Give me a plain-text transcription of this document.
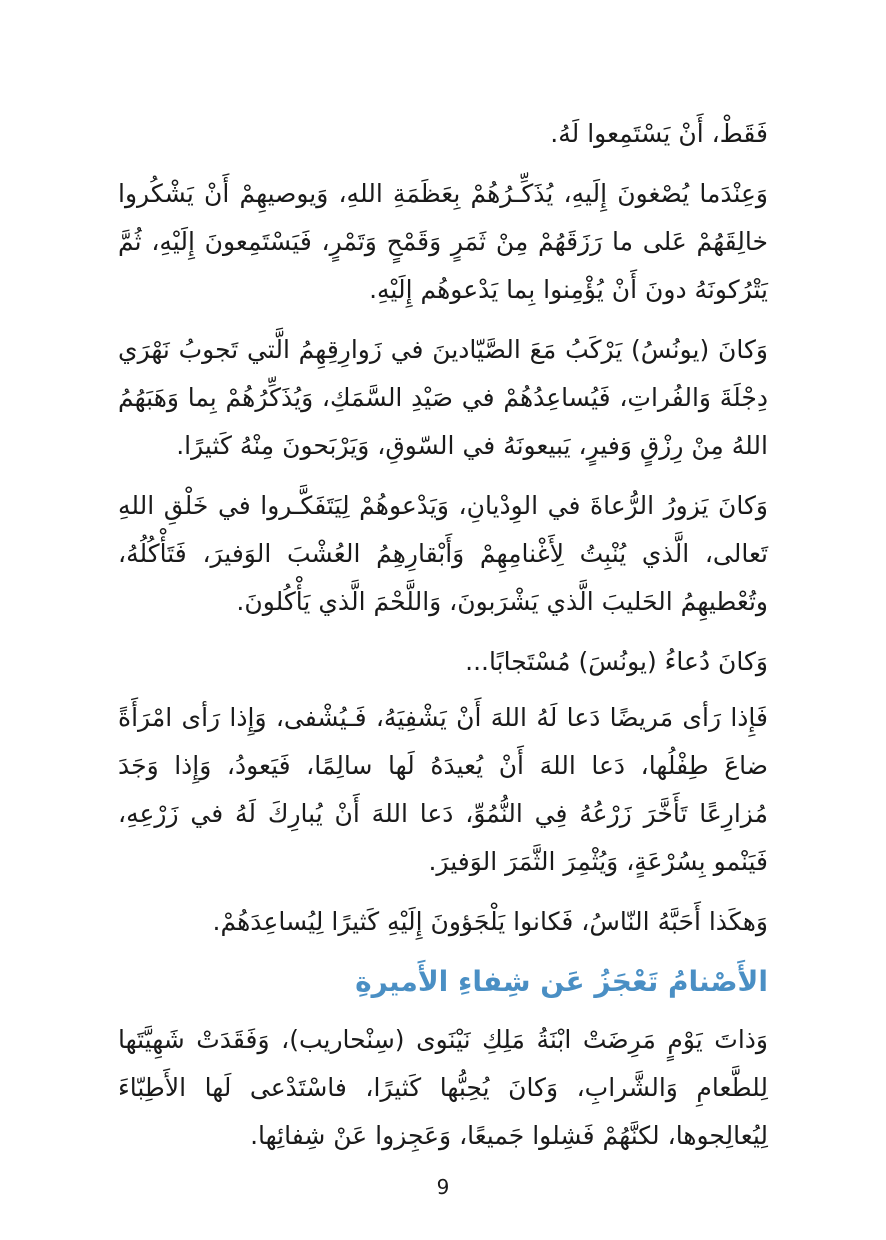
فَقَطْ، أَنْ يَسْتَمِعوا لَهُ.

وَعِنْدَما يُصْغونَ إِلَيهِ، يُذَكِّـرُهُمْ بِعَظَمَةِ اللهِ، وَيوصيهِمْ أَنْ يَشْكُروا خالِقَهُمْ عَلى ما رَزَقَهُمْ مِنْ ثَمَرٍ وَقَمْحٍ وَتَمْرٍ، فَيَسْتَمِعونَ إِلَيْهِ، ثُمَّ يَتْرُكونَهُ دونَ أَنْ يُؤْمِنوا بِما يَدْعوهُم إِلَيْهِ.

وَكانَ (يونُسُ) يَرْكَبُ مَعَ الصَّيّادينَ في زَوارِقِهِمُ الَّتي تَجوبُ نَهْرَي دِجْلَةَ وَالفُراتِ، فَيُساعِدُهُمْ في صَيْدِ السَّمَكِ، وَيُذَكِّرُهُمْ بِما وَهَبَهُمُ اللهُ مِنْ رِزْقٍ وَفيرٍ، يَبيعونَهُ في السّوقِ، وَيَرْبَحونَ مِنْهُ كَثيرًا.

وَكانَ يَزورُ الرُّعاةَ في الوِدْيانِ، وَيَدْعوهُمْ لِيَتَفَكَّـروا في خَلْقِ اللهِ تَعالى، الَّذي يُنْبِتُ لِأَغْنامِهِمْ وَأَبْقارِهِمُ العُشْبَ الوَفيرَ، فَتَأْكُلُهُ، وتُعْطيهِمُ الحَليبَ الَّذي يَشْرَبونَ، وَاللَّحْمَ الَّذي يَأْكُلونَ.

وَكانَ دُعاءُ (يونُسَ) مُسْتَجابًا...

فَإِذا رَأى مَريضًا دَعا لَهُ اللهَ أَنْ يَشْفِيَهُ، فَـيُشْفى، وَإِذا رَأى امْرَأَةً ضاعَ طِفْلُها، دَعا اللهَ أَنْ يُعيدَهُ لَها سالِمًا، فَيَعودُ، وَإِذا وَجَدَ مُزارِعًا تَأَخَّرَ زَرْعُهُ فِي النُّمُوِّ، دَعا اللهَ أَنْ يُبارِكَ لَهُ في زَرْعِهِ، فَيَنْمو بِسُرْعَةٍ، وَيُثْمِرَ الثَّمَرَ الوَفيرَ.

وَهكَذا أَحَبَّهُ النّاسُ، فَكانوا يَلْجَؤونَ إِلَيْهِ كَثيرًا لِيُساعِدَهُمْ.

الأَصْنامُ تَعْجَزُ عَن شِفاءِ الأَميرةِ

وَذاتَ يَوْمٍ مَرِضَتْ ابْنَةُ مَلِكِ نَيْنَوى (سِنْحاريب)، وَفَقَدَتْ شَهِيَّتَها لِلطَّعامِ وَالشَّرابِ، وَكانَ يُحِبُّها كَثيرًا، فاسْتَدْعى لَها الأَطِبّاءَ لِيُعالِجوها، لكنَّهُمْ فَشِلوا جَميعًا، وَعَجِزوا عَنْ شِفائِها.

9
